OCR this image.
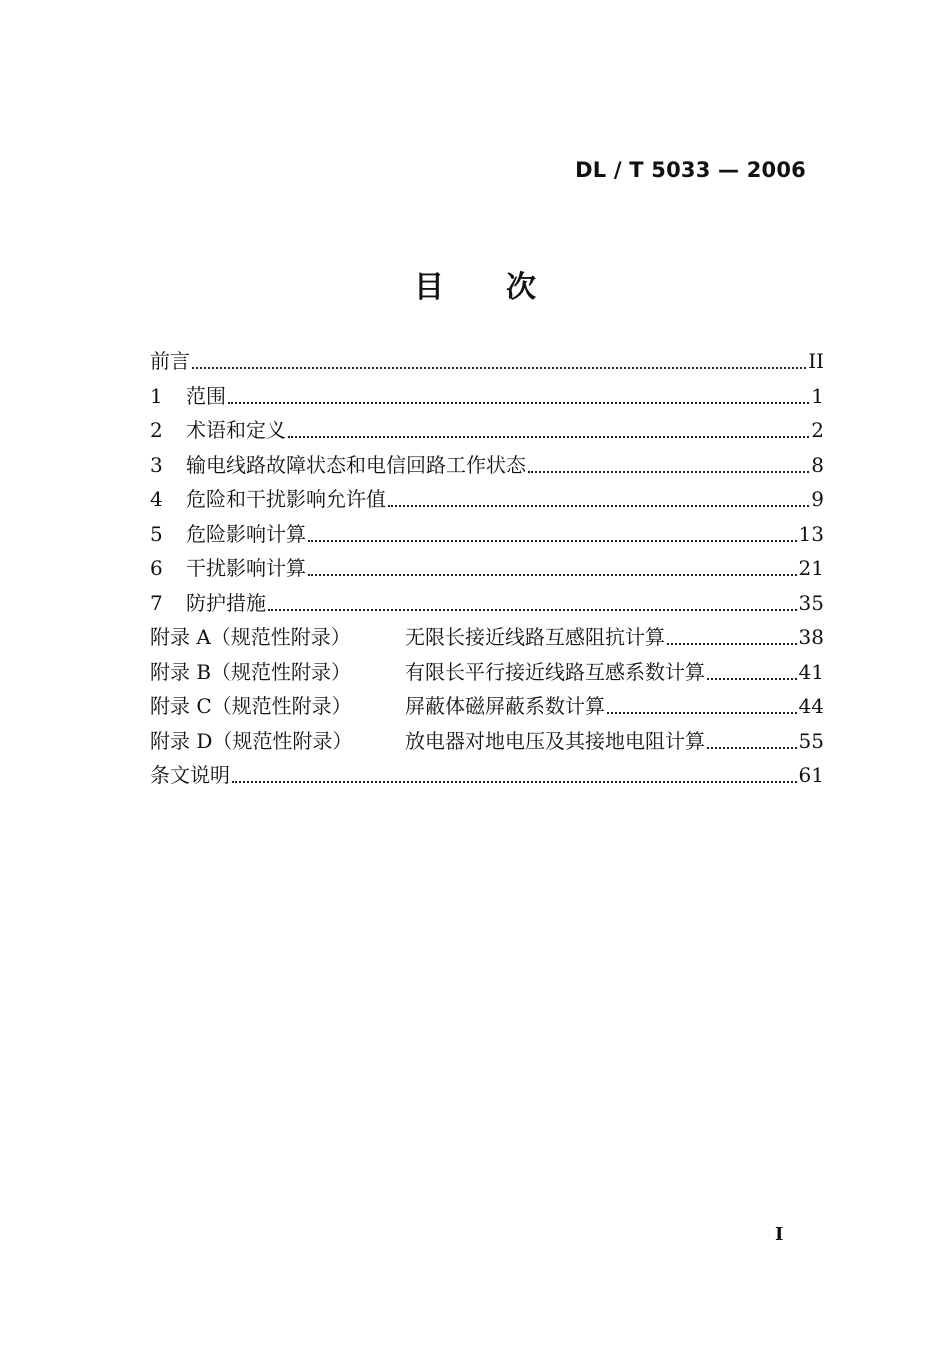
DL / T 5033 — 2006
目 次
前言	II
1	范围	1
2	术语和定义	2
3	输电线路故障状态和电信回路工作状态	8
4	危险和干扰影响允许值	9
5	危险影响计算	13
6	干扰影响计算	21
7	防护措施	35
附录 A（规范性附录）	无限长接近线路互感阻抗计算	38
附录 B（规范性附录）	有限长平行接近线路互感系数计算	41
附录 C（规范性附录）	屏蔽体磁屏蔽系数计算	44
附录 D（规范性附录）	放电器对地电压及其接地电阻计算	55
条文说明	61
I
